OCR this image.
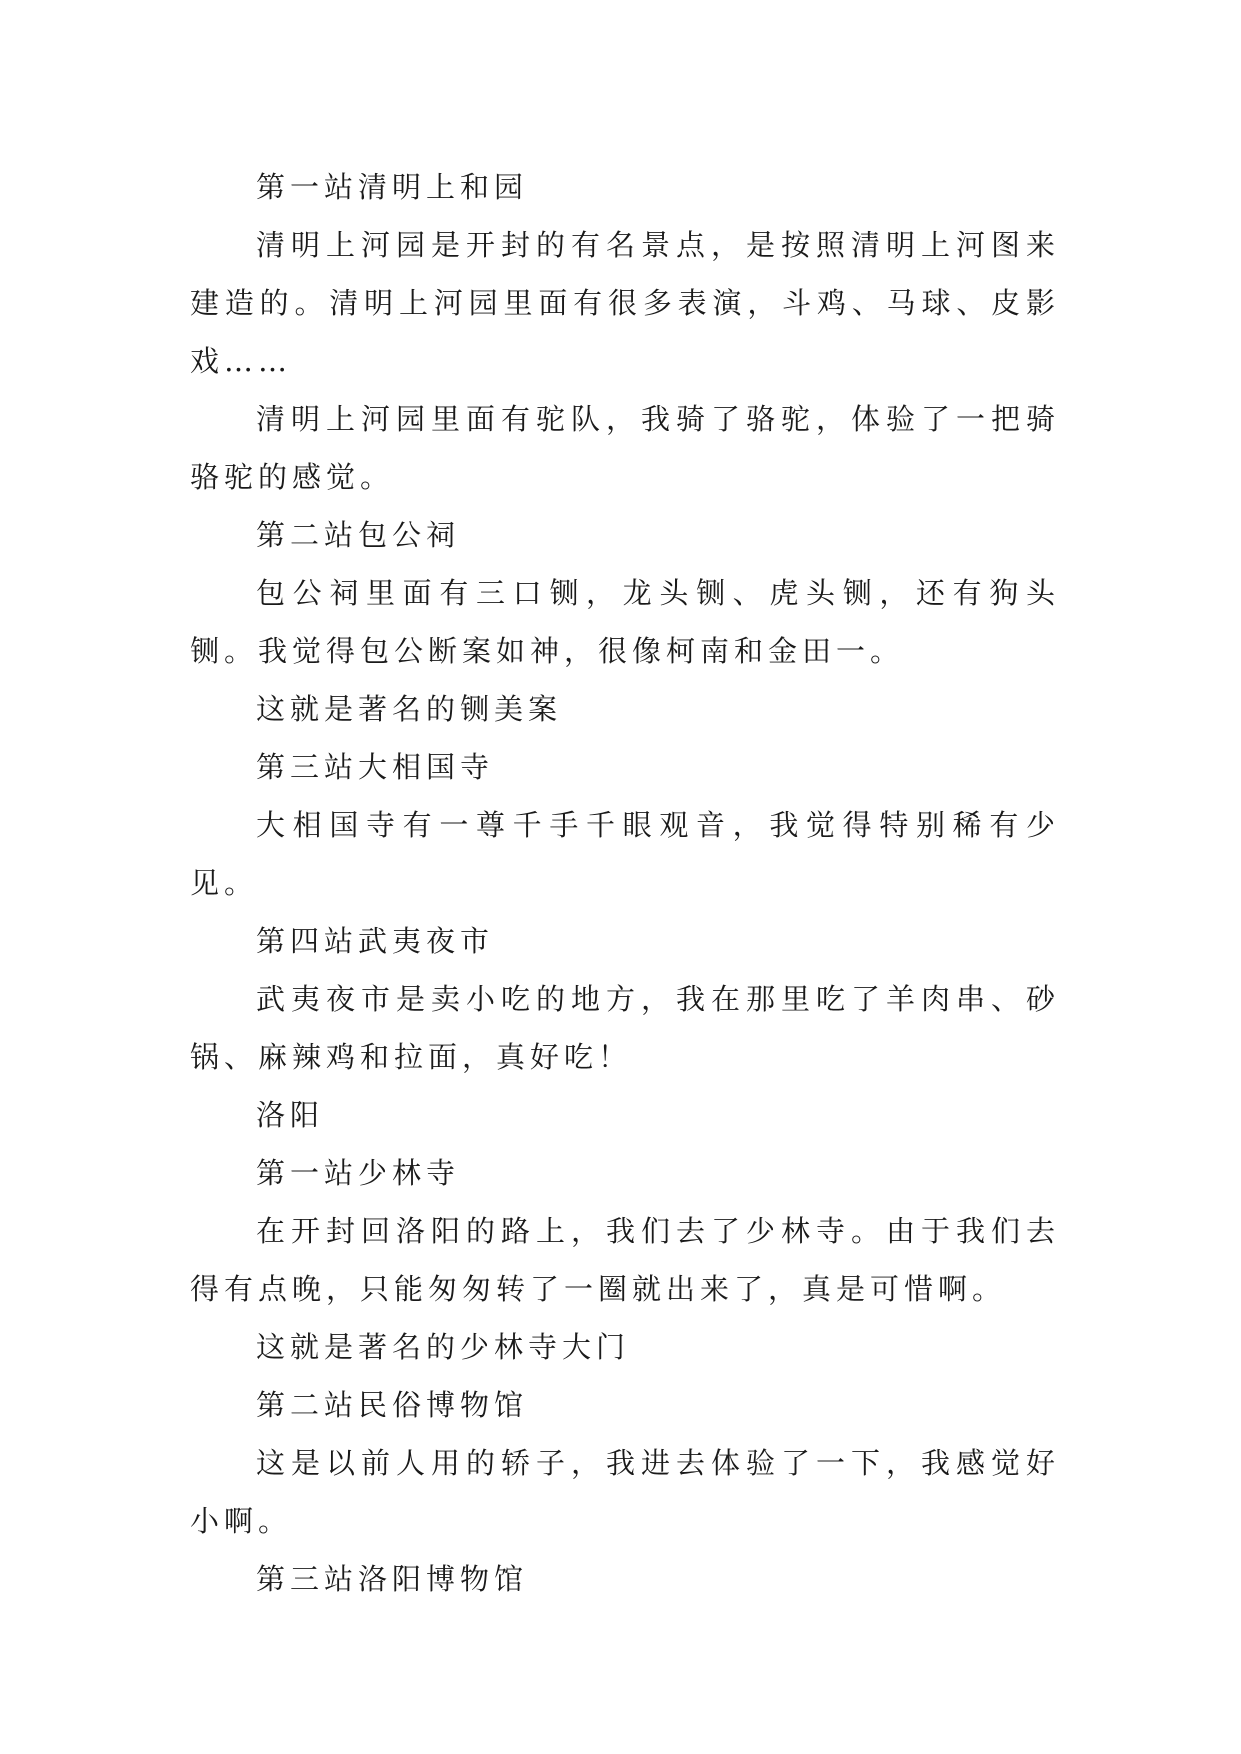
第一站清明上和园

清明上河园是开封的有名景点，是按照清明上河图来建造的。清明上河园里面有很多表演，斗鸡、马球、皮影戏……

清明上河园里面有驼队，我骑了骆驼，体验了一把骑骆驼的感觉。

第二站包公祠

包公祠里面有三口铡，龙头铡、虎头铡，还有狗头铡。我觉得包公断案如神，很像柯南和金田一。

这就是著名的铡美案

第三站大相国寺

大相国寺有一尊千手千眼观音，我觉得特别稀有少见。

第四站武夷夜市

武夷夜市是卖小吃的地方，我在那里吃了羊肉串、砂锅、麻辣鸡和拉面，真好吃！

洛阳

第一站少林寺

在开封回洛阳的路上，我们去了少林寺。由于我们去得有点晚，只能匆匆转了一圈就出来了，真是可惜啊。

这就是著名的少林寺大门

第二站民俗博物馆

这是以前人用的轿子，我进去体验了一下，我感觉好小啊。

第三站洛阳博物馆
